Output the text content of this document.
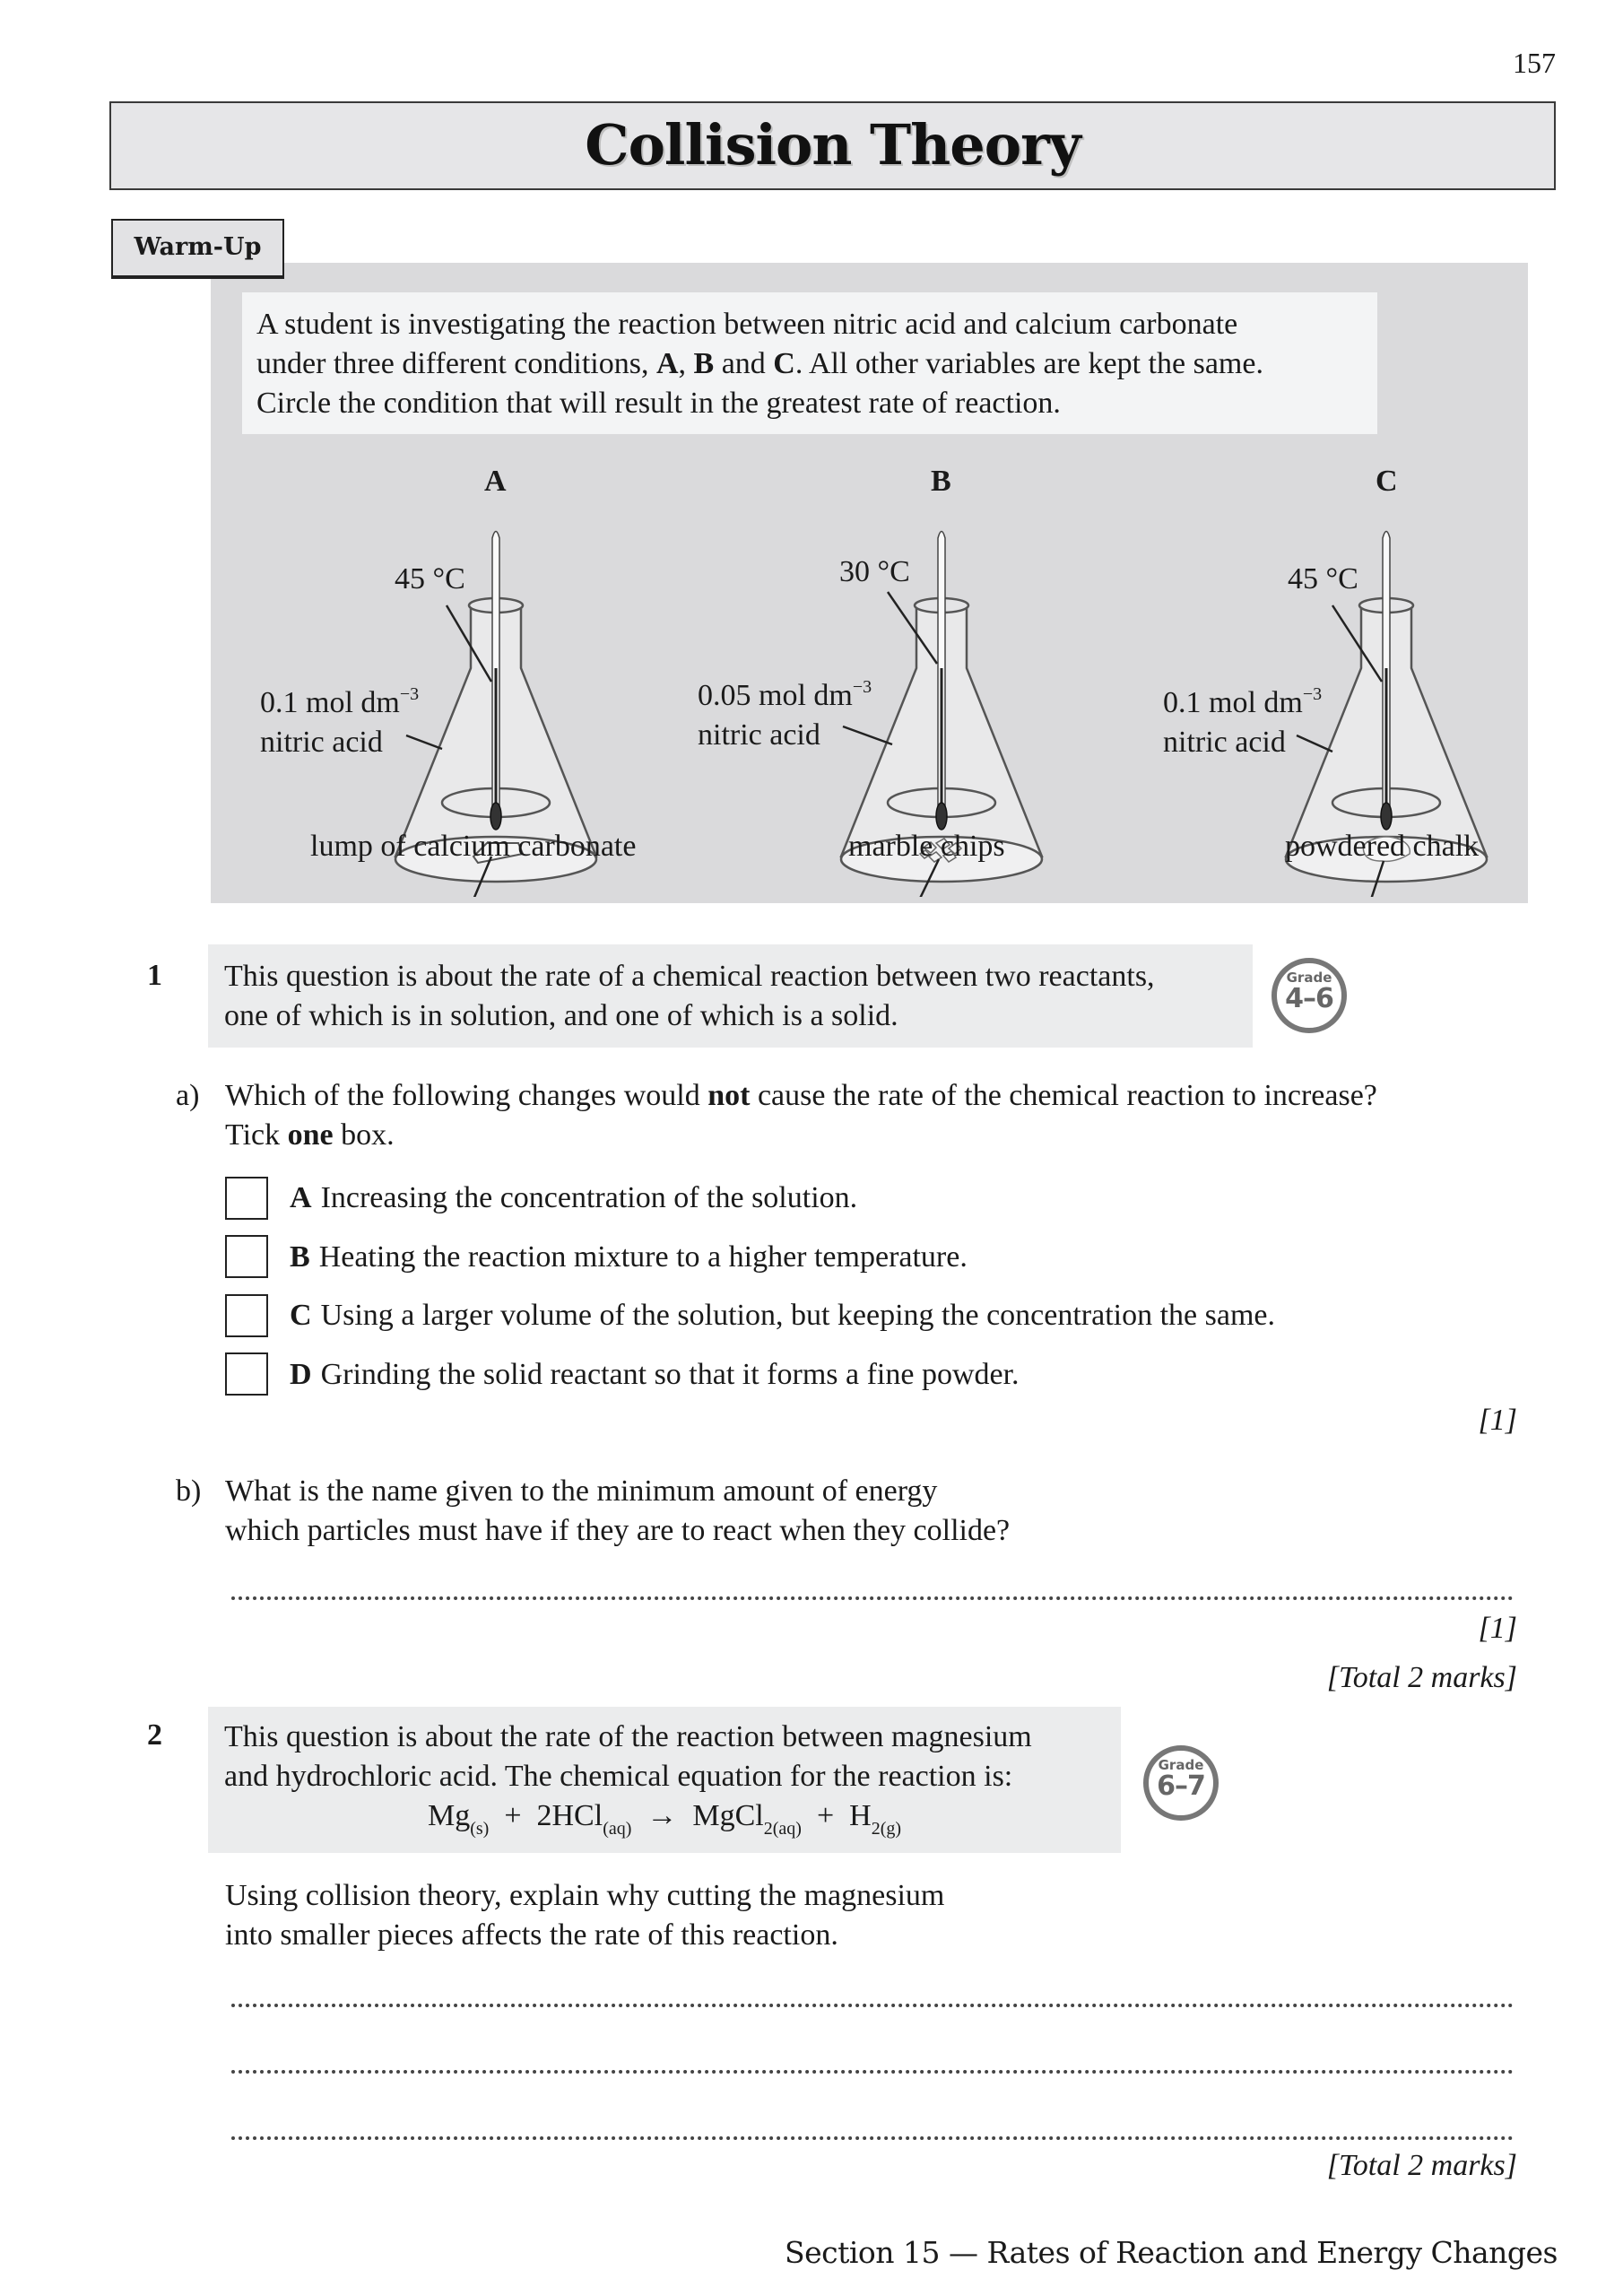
157
Collision Theory
Warm-Up
A student is investigating the reaction between nitric acid and calcium carbonate
under three different conditions, A, B and C. All other variables are kept the same.
Circle the condition that will result in the greatest rate of reaction.
A	B	C
45 °C
0.1 mol $dm^{-3}$
nitric acid
lump of calcium carbonate
30 °C
0.05 mol $dm^{-3}$
nitric acid
marble chips
45 °C
0.1 mol $dm^{-3}$
nitric acid
powdered chalk
1 This question is about the rate of a chemical reaction between two reactants,
one of which is in solution, and one of which is a solid.
Grade
4–6
a) Which of the following changes would not cause the rate of the chemical reaction to increase?
Tick one box.
A Increasing the concentration of the solution.
B Heating the reaction mixture to a higher temperature.
C Using a larger volume of the solution, but keeping the concentration the same.
D Grinding the solid reactant so that it forms a fine powder.
[1]
b) What is the name given to the minimum amount of energy
which particles must have if they are to react when they collide?
[1]
[Total 2 marks]
2 This question is about the rate of the reaction between magnesium
and hydrochloric acid. The chemical equation for the reaction is:
$Mg_{(s)} + 2HCl_{(aq)}$ → MgCl$_{2(aq)}$ + $H_{2(g)}$
Grade
6–7
Using collision theory, explain why cutting the magnesium
into smaller pieces affects the rate of this reaction.
[Total 2 marks]
Section 15 — Rates of Reaction and Energy Changes
